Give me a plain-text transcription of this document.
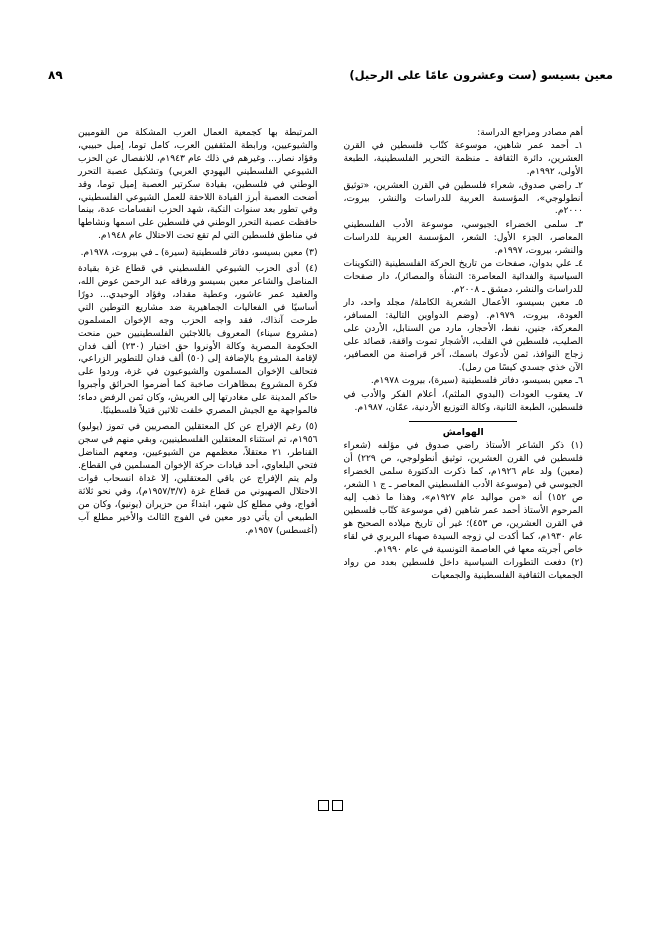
معين بسيسو (ست وعشرون عامًا على الرحيل)
٨٩

أهم مصادر ومراجع الدراسة:

١ـ أحمد عمر شاهين، موسوعة كتّاب فلسطين في القرن العشرين، دائرة الثقافة ـ منظمة التحرير الفلسطينية، الطبعة الأولى، ١٩٩٢م.

٢ـ راضي صدوق، شعراء فلسطين في القرن العشرين، «توثيق أنطولوجي»، المؤسسة العربية للدراسات والنشر، بيروت، ٢٠٠٠م.

٣ـ سلمى الخضراء الجيوسي، موسوعة الأدب الفلسطيني المعاصر، الجزء الأول: الشعر، المؤسسة العربية للدراسات والنشر، بيروت، ١٩٩٧م.

٤ـ علي بدوان، صفحات من تاريخ الحركة الفلسطينية (التكوينات السياسية والفدائية المعاصرة: النشأة والمصائر)، دار صفحات للدراسات والنشر، دمشق ـ ٢٠٠٨م.

٥ـ معين بسيسو، الأعمال الشعرية الكاملة/ مجلد واحد، دار العودة، بيروت، ١٩٧٩م. (وضم الدواوين التالية: المسافر، المعركة، جنين، نفط، الأحجار، مارد من السنابل، الأردن على الصليب، فلسطين في القلب، الأشجار تموت واقفة، قصائد على زجاج النوافذ، ثمن لأدعوك باسمك، آخر قراصنة من العصافير، الآن خذي جسدي كيسًا من رمل).

٦ـ معين بسيسو، دفاتر فلسطينية (سيرة)، بيروت ١٩٧٨م.

٧ـ يعقوب العودات (البدوي الملثم)، أعلام الفكر والأدب في فلسطين، الطبعة الثانية، وكالة التوزيع الأردنية، عمّان، ١٩٨٧م.

الهوامش

(١) ذكر الشاعر الأستاذ راضي صدوق في مؤلفه (شعراء فلسطين في القرن العشرين، توثيق أنطولوجي، ص ٢٢٩) أن (معين) ولد عام ١٩٢٦م، كما ذكرت الدكتورة سلمى الخضراء الجيوسي في (موسوعة الأدب الفلسطيني المعاصر ـ ج ١ الشعر، ص ١٥٢) أنه «من مواليد عام ١٩٢٧م»، وهذا ما ذهب إليه المرحوم الأستاذ أحمد عمر شاهين (في موسوعة كتّاب فلسطين في القرن العشرين، ص ٤٥٣)؛ غير أن تاريخ ميلاده الصحيح هو عام ١٩٣٠م، كما أكدت لي زوجه السيدة صهباء البربري في لقاء خاص أجريته معها في العاصمة التونسية في عام ١٩٩٠م.

(٢) دفعت التطورات السياسية داخل فلسطين بعدد من رواد الجمعيات الثقافية الفلسطينية والجمعيات

المرتبطة بها كجمعية العمال العرب المشكلة من القوميين والشيوعيين، ورابطة المثقفين العرب، كامل توما، إميل حبيبي، وفؤاد نصار... وغيرهم في ذلك عام ١٩٤٣م، للانفصال عن الحزب الشيوعي الفلسطيني اليهودي العربي) وتشكيل عصبة التحرر الوطني في فلسطين، بقيادة سكرتير العصبة إميل توما، وقد أضحت العصبة أبرز القيادة اللاحقة للعمل الشيوعي الفلسطيني، وفي تطور بعد سنوات النكبة، شهد الحزب انقسامات عدة، بينما حافظت عصبة التحرر الوطني في فلسطين على اسمها ونشاطها في مناطق فلسطين التي لم تقع تحت الاحتلال عام ١٩٤٨م.

(٣) معين بسيسو، دفاتر فلسطينية (سيرة) ـ في بيروت، ١٩٧٨م.

(٤) أدى الحزب الشيوعي الفلسطيني في قطاع غزة بقيادة المناضل والشاعر معين بسيسو ورفاقه عبد الرحمن عوض الله، والعقيد عمر عاشور، وعطية مقداد، وفؤاد الوحيدي... دورًا أساسيًا في الفعاليات الجماهيرية ضد مشاريع التوطين التي طرحت آنذاك، فقد واجه الحزب وجه الإخوان المسلمون (مشروع سيناء) المعروف باللاجئين الفلسطينيين حين منحت الحكومة المصرية وكالة الأونروا حق اختيار (٢٣٠) ألف فدان لإقامة المشروع بالإضافة إلى (٥٠) ألف فدان للتطوير الزراعي، فتحالف الإخوان المسلمون والشيوعيون في غزة، وردوا على فكرة المشروع بمظاهرات صاخبة كما أضرموا الحرائق وأجبروا حاكم المدينة على مغادرتها إلى العريش، وكان ثمن الرفض دماء؛ فالمواجهة مع الجيش المصري خلفت ثلاثين قتيلاً فلسطينيًا.

(٥) رغم الإفراج عن كل المعتقلين المصريين في تموز (يوليو) ١٩٥٦م، تم استثناء المعتقلين الفلسطينيين، وبقي منهم في سجن القناطر، ٢١ معتقلاً، معظمهم من الشيوعيين، ومعهم المناضل فتحي البلعاوي، أحد قيادات حركة الإخوان المسلمين في القطاع. ولم يتم الإفراج عن باقي المعتقلين، إلا غداة انسحاب قوات الاحتلال الصهيوني من قطاع غزة (١٩٥٧/٣/٧م)، وفي نحو ثلاثة أفواج، وفي مطلع كل شهر، ابتداءً من حزيران (يونيو)، وكان من الطبيعي أن يأتي دور معين في الفوج الثالث والأخير مطلع آب (أغسطس) ١٩٥٧م.
